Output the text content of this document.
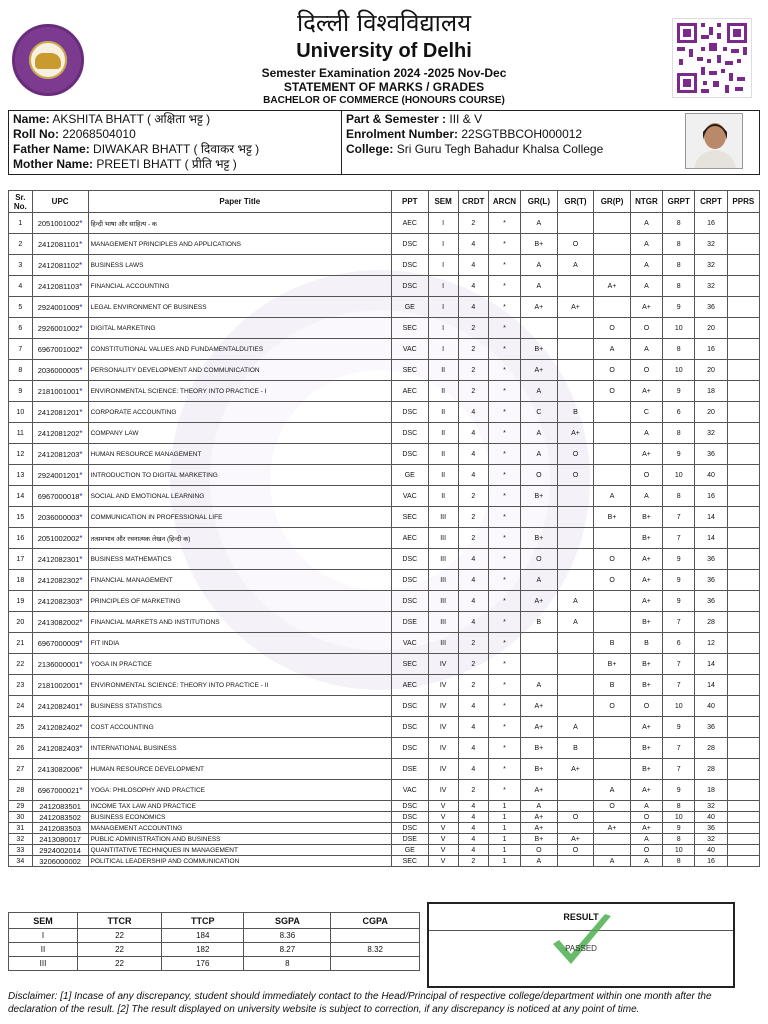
दिल्ली विश्वविद्यालय
University of Delhi
Semester Examination 2024 -2025 Nov-Dec
STATEMENT OF MARKS / GRADES
BACHELOR OF COMMERCE (HONOURS COURSE)
Name: AKSHITA BHATT ( अक्षिता भट्ट )
Roll No: 22068504010
Father Name: DIWAKAR BHATT ( दिवाकर भट्ट )
Mother Name: PREETI BHATT ( प्रीति भट्ट )
Part & Semester : III & V
Enrolment Number: 22SGTBBCOH000012
College: Sri Guru Tegh Bahadur Khalsa College
Sr. No.	UPC	Paper Title	PPT	SEM	CRDT	ARCN	GR(L)	GR(T)	GR(P)	NTGR	GRPT	CRPT	PPRS
1	2051001002*	हिन्दी भाषा और साहित्य - क	AEC	I	2	*	A			A	8	16	
2	2412081101*	MANAGEMENT PRINCIPLES AND APPLICATIONS	DSC	I	4	*	B+	O		A	8	32	
3	2412081102*	BUSINESS LAWS	DSC	I	4	*	A	A		A	8	32	
4	2412081103*	FINANCIAL ACCOUNTING	DSC	I	4	*	A		A+	A	8	32	
5	2924001009*	LEGAL ENVIRONMENT OF BUSINESS	GE	I	4	*	A+	A+		A+	9	36	
6	2926001002*	DIGITAL MARKETING	SEC	I	2	*			O	O	10	20	
7	6967001002*	CONSTITUTIONAL VALUES AND FUNDAMENTALDUTIES	VAC	I	2	*	B+		A	A	8	16	
8	2036000005*	PERSONALITY DEVELOPMENT AND COMMUNICATION	SEC	II	2	*	A+		O	O	10	20	
9	2181001001*	ENVIRONMENTAL SCIENCE: THEORY INTO PRACTICE - I	AEC	II	2	*	A		O	A+	9	18	
10	2412081201*	CORPORATE ACCOUNTING	DSC	II	4	*	C	B		C	6	20	
11	2412081202*	COMPANY LAW	DSC	II	4	*	A	A+		A	8	32	
12	2412081203*	HUMAN RESOURCE MANAGEMENT	DSC	II	4	*	A	O		A+	9	36	
13	2924001201*	INTRODUCTION TO DIGITAL MARKETING	GE	II	4	*	O	O		O	10	40	
14	6967000018*	SOCIAL AND EMOTIONAL LEARNING	VAC	II	2	*	B+		A	A	8	16	
15	2036000003*	COMMUNICATION IN PROFESSIONAL LIFE	SEC	III	2	*			B+	B+	7	14	
16	2051002002*	तत्समभाव और रचनात्मक लेखन (हिन्दी क)	AEC	III	2	*	B+			B+	7	14	
17	2412082301*	BUSINESS MATHEMATICS	DSC	III	4	*	O		O	A+	9	36	
18	2412082302*	FINANCIAL MANAGEMENT	DSC	III	4	*	A		O	A+	9	36	
19	2412082303*	PRINCIPLES OF MARKETING	DSC	III	4	*	A+	A		A+	9	36	
20	2413082002*	FINANCIAL MARKETS AND INSTITUTIONS	DSE	III	4	*	B	A		B+	7	28	
21	6967000009*	FIT INDIA	VAC	III	2	*			B	B	6	12	
22	2136000001*	YOGA IN PRACTICE	SEC	IV	2	*			B+	B+	7	14	
23	2181002001*	ENVIRONMENTAL SCIENCE: THEORY INTO PRACTICE - II	AEC	IV	2	*	A		B	B+	7	14	
24	2412082401*	BUSINESS STATISTICS	DSC	IV	4	*	A+		O	O	10	40	
25	2412082402*	COST ACCOUNTING	DSC	IV	4	*	A+	A		A+	9	36	
26	2412082403*	INTERNATIONAL BUSINESS	DSC	IV	4	*	B+	B		B+	7	28	
27	2413082006*	HUMAN RESOURCE DEVELOPMENT	DSE	IV	4	*	B+	A+		B+	7	28	
28	6967000021*	YOGA: PHILOSOPHY AND PRACTICE	VAC	IV	2	*	A+		A	A+	9	18	
29	2412083501	INCOME TAX LAW AND PRACTICE	DSC	V	4	1	A		O	A	8	32	
30	2412083502	BUSINESS ECONOMICS	DSC	V	4	1	A+	O		O	10	40	
31	2412083503	MANAGEMENT ACCOUNTING	DSC	V	4	1	A+		A+	A+	9	36	
32	2413080017	PUBLIC ADMINISTRATION AND BUSINESS	DSE	V	4	1	B+	A+		A	8	32	
33	2924002014	QUANTITATIVE TECHNIQUES IN MANAGEMENT	GE	V	4	1	O	O		O	10	40	
34	3206000002	POLITICAL LEADERSHIP AND COMMUNICATION	SEC	V	2	1	A		A	A	8	16	
SEM	TTCR	TTCP	SGPA	CGPA
I	22	184	8.36	
II	22	182	8.27	8.32
III	22	176	8	
RESULT
PASSED
Disclaimer: [1] Incase of any discrepancy, student should immediately contact to the Head/Principal of respective college/department within one month after the declaration of the result. [2] The result displayed on university website is subject to correction, if any discrepancy is noticed at any point of time.
